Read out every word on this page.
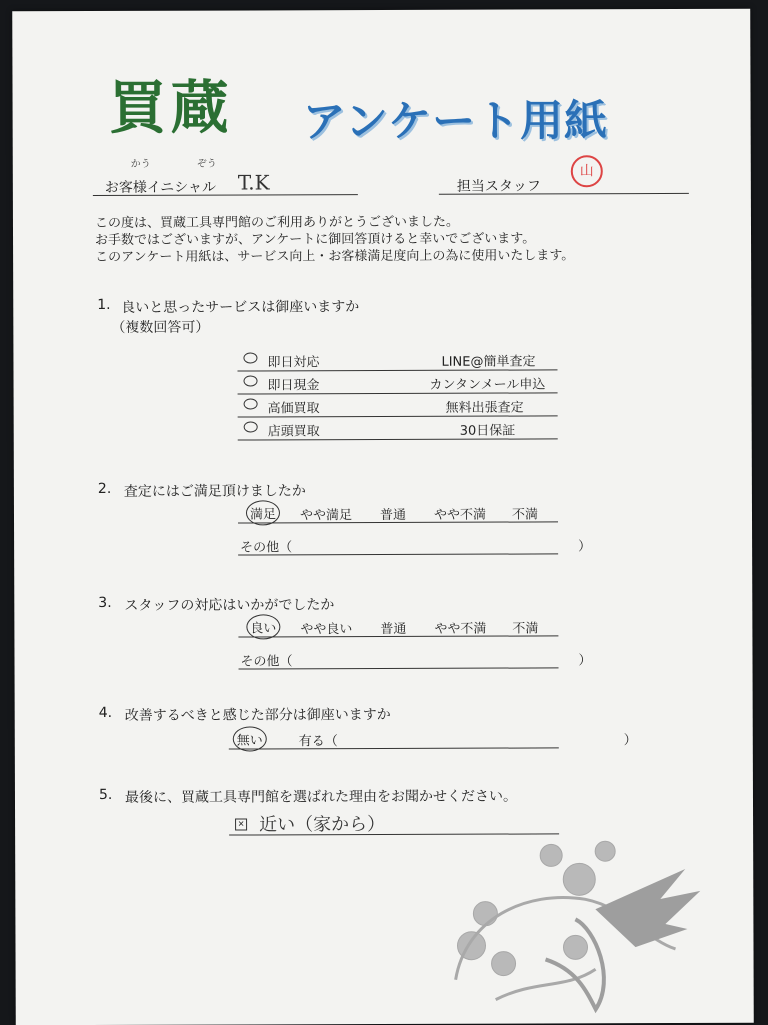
買蔵
かう	ぞう
アンケート用紙
お客様イニシャル T.K	担当スタッフ
山
この度は、買蔵工具専門館のご利用ありがとうございました。
お手数ではございますが、アンケートに御回答頂けると幸いでございます。
このアンケート用紙は、サービス向上・お客様満足度向上の為に使用いたします。
1. 良いと思ったサービスは御座いますか
（複数回答可）
即日対応	LINE@簡単査定
即日現金	カンタンメール申込
高価買取	無料出張査定
店頭買取	30日保証
2. 査定にはご満足頂けましたか
満足	やや満足 普通 やや不満 不満
その他（　　　　　　　　　　　　　　　　　　　　　　）
3. スタッフの対応はいかがでしたか
良い	やや良い 普通 やや不満 不満
その他（　　　　　　　　　　　　　　　　　　　　　　）
4. 改善するべきと感じた部分は御座いますか
無い	有る（　　　　　　　　　　　　　　　　　　　　　　）
5. 最後に、買蔵工具専門館を選ばれた理由をお聞かせください。
✕ 近い（家から）
